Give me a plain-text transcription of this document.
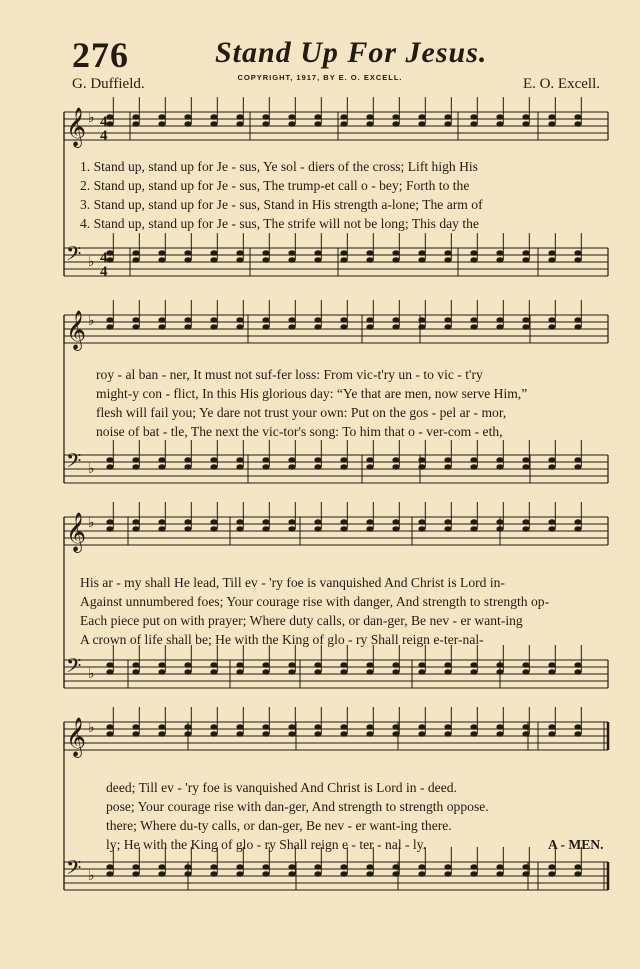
276	Stand Up For Jesus.
G. Duffield.	COPYRIGHT, 1917, BY E. O. EXCELL.	E. O. Excell.
𝄞 ♭
𝄢 ♭
4
4
4
4
𝄞 ♭
𝄢 ♭
𝄞 ♭
𝄢 ♭
𝄞 ♭
𝄢 ♭
1. Stand up, stand up for Je - sus, Ye sol - diers of the cross; Lift high His
2. Stand up, stand up for Je - sus, The trump-et call o - bey; Forth to the
3. Stand up, stand up for Je - sus, Stand in His strength a-lone; The arm of
4. Stand up, stand up for Je - sus, The strife will not be long; This day the
roy - al ban - ner, It must not suf-fer loss: From vic-t'ry un - to vic - t'ry
might-y con - flict, In this His glorious day: “Ye that are men, now serve Him,”
flesh will fail you; Ye dare not trust your own: Put on the gos - pel ar - mor,
noise of bat - tle, The next the vic-tor's song: To him that o - ver-com - eth,
His ar - my shall He lead, Till ev - 'ry foe is vanquished And Christ is Lord in-
Against unnumbered foes; Your courage rise with danger, And strength to strength op-
Each piece put on with prayer; Where duty calls, or dan-ger, Be nev - er want-ing
A crown of life shall be; He with the King of glo - ry Shall reign e-ter-nal-
deed; Till ev - 'ry foe is vanquished And Christ is Lord in - deed.
pose; Your courage rise with dan-ger, And strength to strength oppose.
there; Where du-ty calls, or dan-ger, Be nev - er want-ing there.
ly; He with the King of glo - ry Shall reign e - ter - nal - ly.	A - MEN.
